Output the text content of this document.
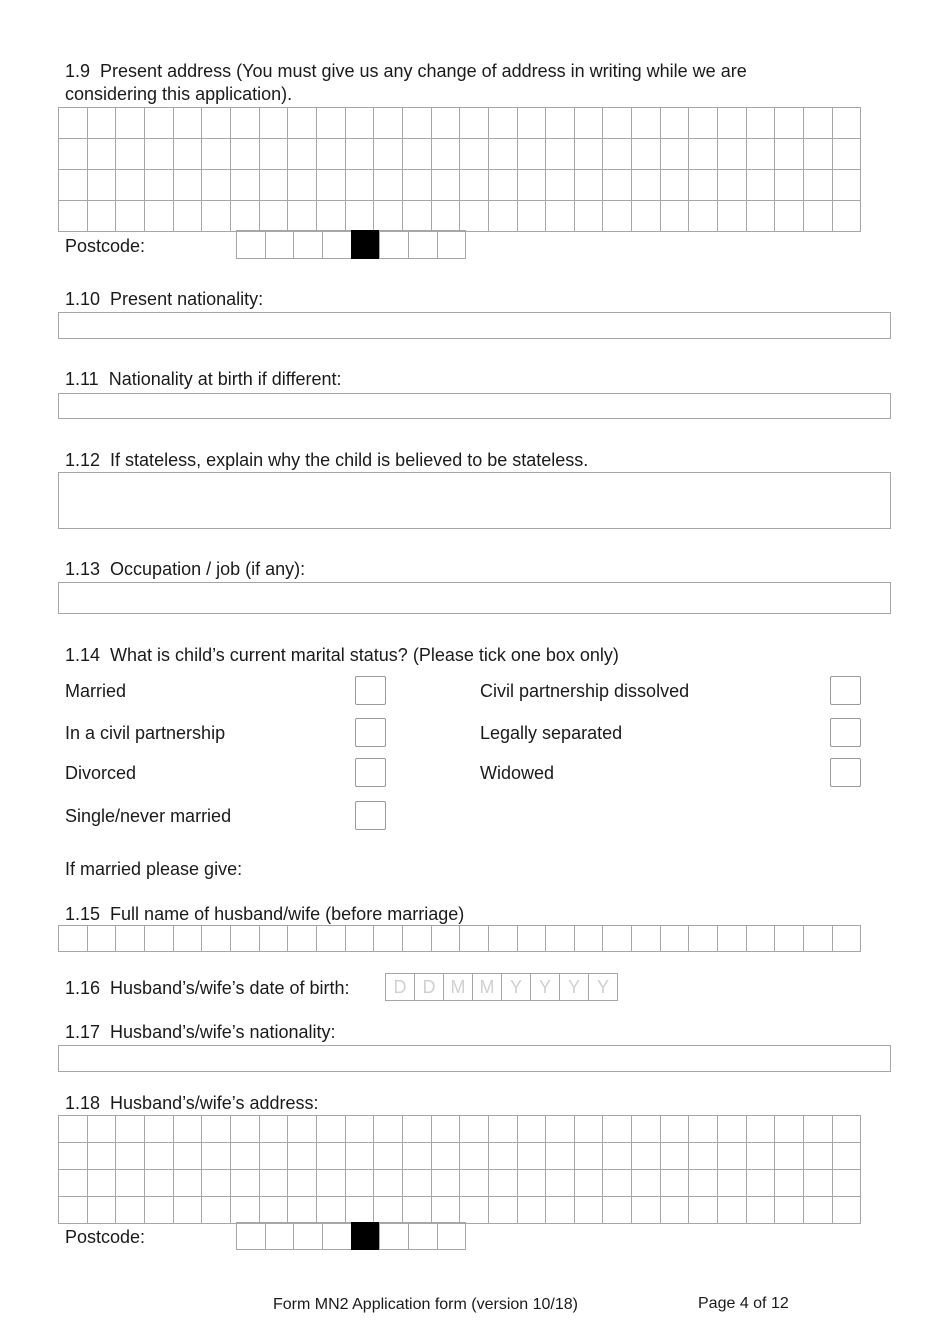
1.9 Present address (You must give us any change of address in writing while we are
considering this application).
Postcode:
1.10 Present nationality:
1.11 Nationality at birth if different:
1.12 If stateless, explain why the child is believed to be stateless.
1.13 Occupation / job (if any):
1.14 What is child’s current marital status? (Please tick one box only)
Married	Civil partnership dissolved
In a civil partnership	Legally separated
Divorced	Widowed
Single/never married
If married please give:
1.15 Full name of husband/wife (before marriage)
1.16 Husband’s/wife’s date of birth:	D D M M Y Y Y Y
1.17 Husband’s/wife’s nationality:
1.18 Husband’s/wife’s address:
Postcode:
Form MN2 Application form (version 10/18)	Page 4 of 12
